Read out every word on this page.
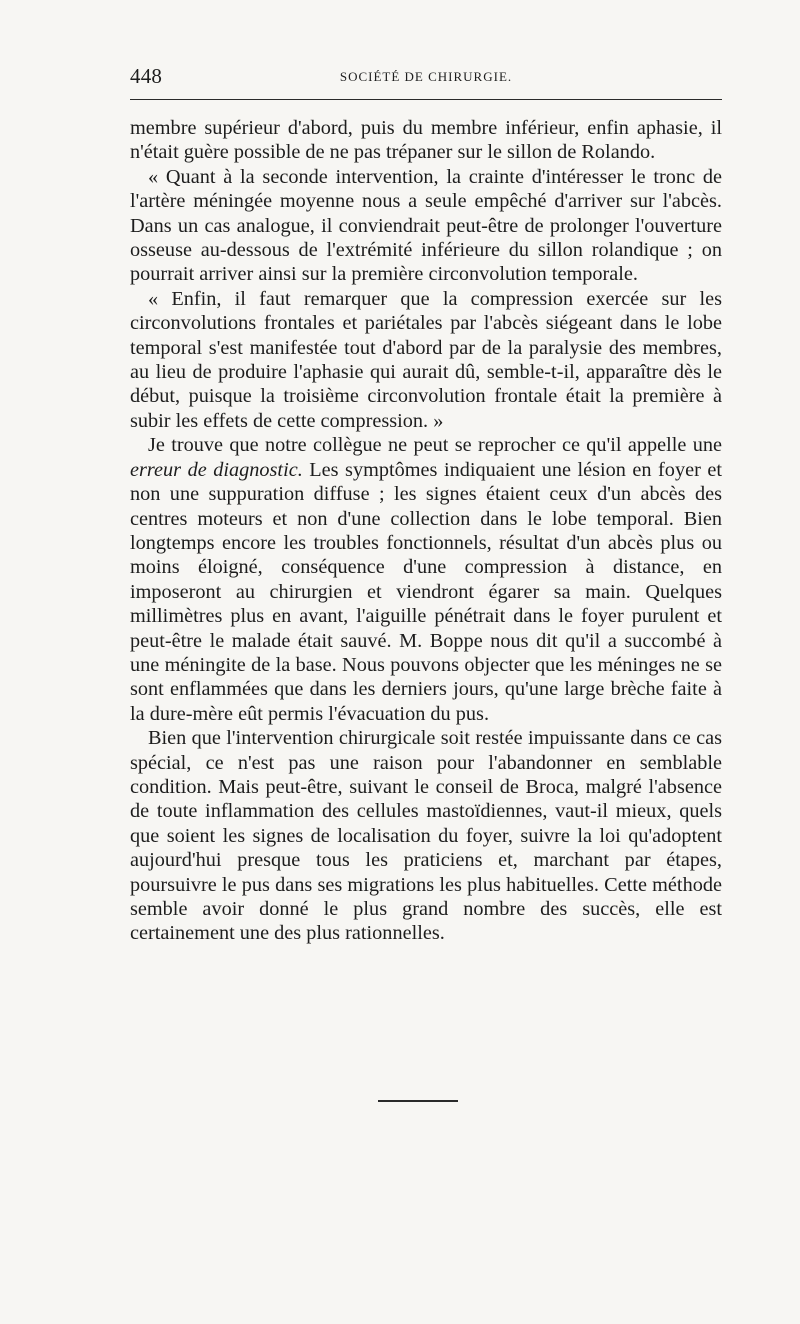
448	SOCIÉTÉ DE CHIRURGIE.

membre supérieur d'abord, puis du membre inférieur, enfin aphasie, il n'était guère possible de ne pas trépaner sur le sillon de Rolando.

« Quant à la seconde intervention, la crainte d'intéresser le tronc de l'artère méningée moyenne nous a seule empêché d'arriver sur l'abcès. Dans un cas analogue, il conviendrait peut-être de prolonger l'ouverture osseuse au-dessous de l'extrémité inférieure du sillon rolandique ; on pourrait arriver ainsi sur la première circonvolution temporale.

« Enfin, il faut remarquer que la compression exercée sur les circonvolutions frontales et pariétales par l'abcès siégeant dans le lobe temporal s'est manifestée tout d'abord par de la paralysie des membres, au lieu de produire l'aphasie qui aurait dû, semble-t-il, apparaître dès le début, puisque la troisième circonvolution frontale était la première à subir les effets de cette compression. »

Je trouve que notre collègue ne peut se reprocher ce qu'il appelle une erreur de diagnostic. Les symptômes indiquaient une lésion en foyer et non une suppuration diffuse ; les signes étaient ceux d'un abcès des centres moteurs et non d'une collection dans le lobe temporal. Bien longtemps encore les troubles fonctionnels, résultat d'un abcès plus ou moins éloigné, conséquence d'une compression à distance, en imposeront au chirurgien et viendront égarer sa main. Quelques millimètres plus en avant, l'aiguille pénétrait dans le foyer purulent et peut-être le malade était sauvé. M. Boppe nous dit qu'il a succombé à une méningite de la base. Nous pouvons objecter que les méninges ne se sont enflammées que dans les derniers jours, qu'une large brèche faite à la dure-mère eût permis l'évacuation du pus.

Bien que l'intervention chirurgicale soit restée impuissante dans ce cas spécial, ce n'est pas une raison pour l'abandonner en semblable condition. Mais peut-être, suivant le conseil de Broca, malgré l'absence de toute inflammation des cellules mastoïdiennes, vaut-il mieux, quels que soient les signes de localisation du foyer, suivre la loi qu'adoptent aujourd'hui presque tous les praticiens et, marchant par étapes, poursuivre le pus dans ses migrations les plus habituelles. Cette méthode semble avoir donné le plus grand nombre des succès, elle est certainement une des plus rationnelles.
